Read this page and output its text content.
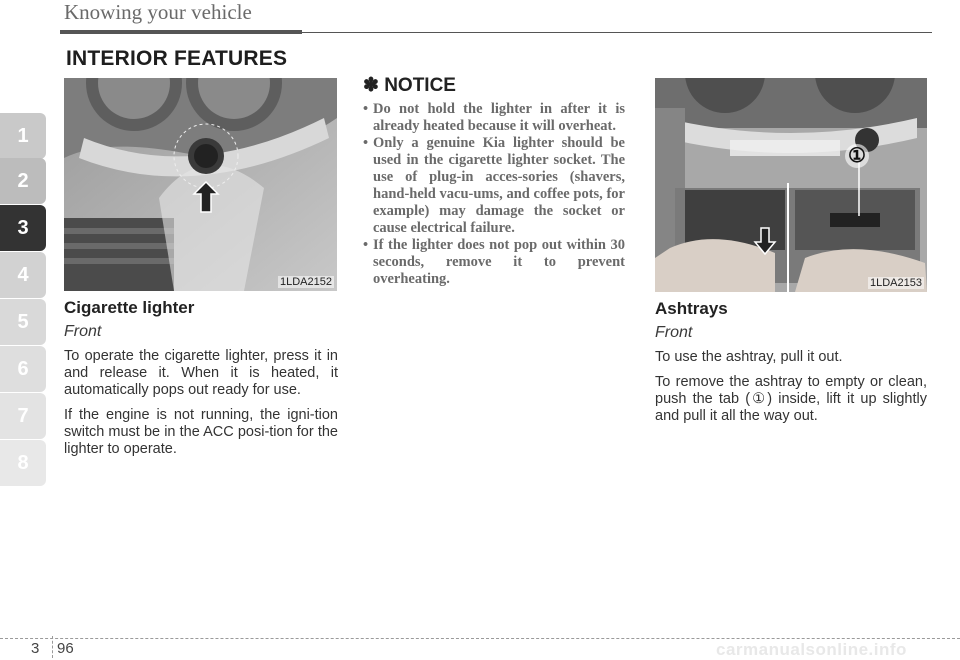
Knowing your vehicle
INTERIOR FEATURES
1
2
3
4
5
6
7
8
1LDA2152
Cigarette lighter
Front

To operate the cigarette lighter, press it in and release it. When it is heated, it automatically pops out ready for use.

If the engine is not running, the igni-tion switch must be in the ACC posi-tion for the lighter to operate.

✽ NOTICE
• Do not hold the lighter in after it is already heated because it will overheat.
• Only a genuine Kia lighter should be used in the cigarette lighter socket. The use of plug-in acces-sories (shavers, hand-held vacu-ums, and coffee pots, for example) may damage the socket or cause electrical failure.
• If the lighter does not pop out within 30 seconds, remove it to prevent overheating.
①
1LDA2153
Ashtrays
Front

To use the ashtray, pull it out.

To remove the ashtray to empty or clean, push the tab (①) inside, lift it up slightly and pull it all the way out.

3 96	carmanualsonline.info
